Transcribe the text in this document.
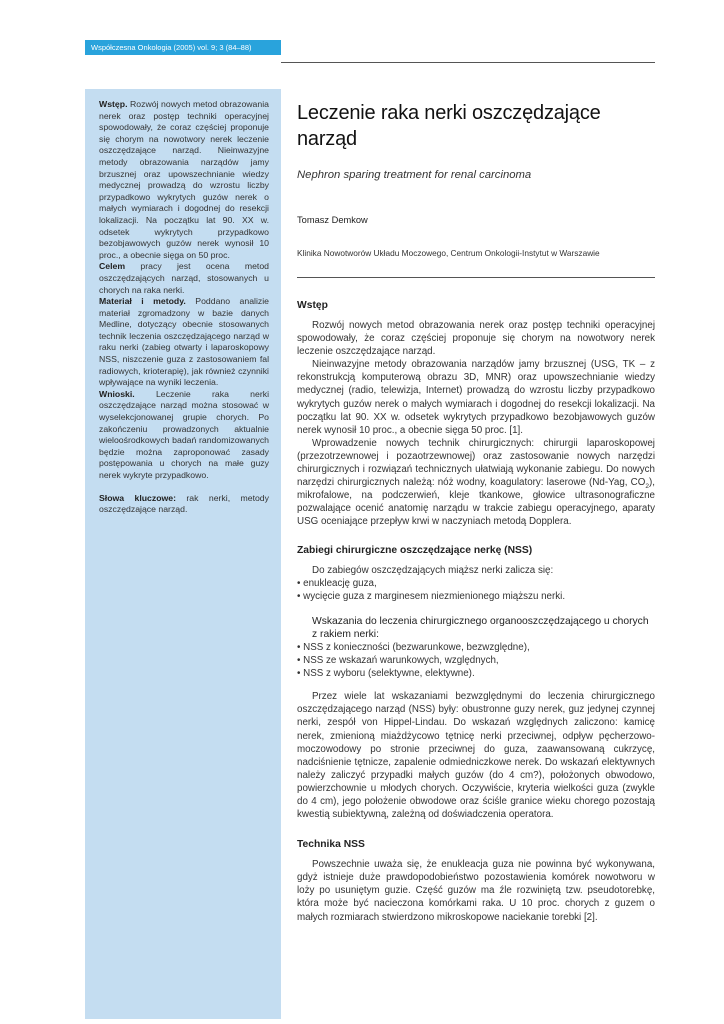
Współczesna Onkologia (2005) vol. 9; 3 (84–88)

Wstęp. Rozwój nowych metod obrazowania nerek oraz postęp techniki operacyjnej spowodowały, że coraz częściej proponuje się chorym na nowotwory nerek leczenie oszczędzające narząd. Nieinwazyjne metody obrazowania narządów jamy brzusznej oraz upowszechnianie wiedzy medycznej prowadzą do wzrostu liczby przypadkowo wykrytych guzów nerek o małych wymiarach i dogodnej do resekcji lokalizacji. Na początku lat 90. XX w. odsetek wykrytych przypadkowo bezobjawowych guzów nerek wynosił 10 proc., a obecnie sięga on 50 proc.

Celem pracy jest ocena metod oszczędzających narząd, stosowanych u chorych na raka nerki.

Materiał i metody. Poddano analizie materiał zgromadzony w bazie danych Medline, dotyczący obecnie stosowanych technik leczenia oszczędzającego narząd w raku nerki (zabieg otwarty i laparoskopowy NSS, niszczenie guza z zastosowaniem fal radiowych, krioterapię), jak również czynniki wpływające na wyniki leczenia.

Wnioski. Leczenie raka nerki oszczędzające narząd można stosować w wyselekcjonowanej grupie chorych. Po zakończeniu prowadzonych aktualnie wieloośrodkowych badań randomizowanych będzie można zaproponować zasady postępowania u chorych na małe guzy nerek wykryte przypadkowo.

Słowa kluczowe: rak nerki, metody oszczędzające narząd.

Leczenie raka nerki oszczędzające narząd
Nephron sparing treatment for renal carcinoma
Tomasz Demkow
Klinika Nowotworów Układu Moczowego, Centrum Onkologii-Instytut w Warszawie
Wstęp

Rozwój nowych metod obrazowania nerek oraz postęp techniki operacyjnej spowodowały, że coraz częściej proponuje się chorym na nowotwory nerek leczenie oszczędzające narząd.

Nieinwazyjne metody obrazowania narządów jamy brzusznej (USG, TK – z rekonstrukcją komputerową obrazu 3D, MNR) oraz upowszechnianie wiedzy medycznej (radio, telewizja, Internet) prowadzą do wzrostu liczby przypadkowo wykrytych guzów nerek o małych wymiarach i dogodnej do resekcji lokalizacji. Na początku lat 90. XX w. odsetek wykrytych przypadkowo bezobjawowych guzów nerek wynosił 10 proc., a obecnie sięga 50 proc. [1].

Wprowadzenie nowych technik chirurgicznych: chirurgii laparoskopowej (przezotrzewnowej i pozaotrzewnowej) oraz zastosowanie nowych narzędzi chirurgicznych i rozwiązań technicznych ułatwiają wykonanie zabiegu. Do nowych narzędzi chirurgicznych należą: nóż wodny, koagulatory: laserowe (Nd-Yag, $CO_2$), mikrofalowe, na podczerwień, kleje tkankowe, głowice ultrasonograficzne pozwalające ocenić anatomię narządu w trakcie zabiegu operacyjnego, aparaty USG oceniające przepływ krwi w naczyniach metodą Dopplera.

Zabiegi chirurgiczne oszczędzające nerkę (NSS)

Do zabiegów oszczędzających miąższ nerki zalicza się:

• enukleację guza,
• wycięcie guza z marginesem niezmienionego miąższu nerki.
Wskazania do leczenia chirurgicznego organooszczędzającego u chorych z rakiem nerki:
• NSS z konieczności (bezwarunkowe, bezwzględne),
• NSS ze wskazań warunkowych, względnych,
• NSS z wyboru (selektywne, elektywne).

Przez wiele lat wskazaniami bezwzględnymi do leczenia chirurgicznego oszczędzającego narząd (NSS) były: obustronne guzy nerek, guz jedynej czynnej nerki, zespół von Hippel-Lindau. Do wskazań względnych zaliczono: kamicę nerek, zmienioną miażdżycowo tętnicę nerki przeciwnej, odpływ pęcherzowo-moczowodowy po stronie przeciwnej do guza, zaawansowaną cukrzycę, nadciśnienie tętnicze, zapalenie odmiedniczkowe nerek. Do wskazań elektywnych należy zaliczyć przypadki małych guzów (do 4 cm?), położonych obwodowo, powierzchownie u młodych chorych. Oczywiście, kryteria wielkości guza (zwykle do 4 cm), jego położenie obwodowe oraz ściśle granice wieku chorego pozostają kwestią subiektywną, zależną od doświadczenia operatora.

Technika NSS

Powszechnie uważa się, że enukleacja guza nie powinna być wykonywana, gdyż istnieje duże prawdopodobieństwo pozostawienia komórek nowotworu w loży po usuniętym guzie. Część guzów ma źle rozwiniętą tzw. pseudotorebkę, która może być nacieczona komórkami raka. U 10 proc. chorych z guzem o małych rozmiarach stwierdzono mikroskopowe naciekanie torebki [2].
